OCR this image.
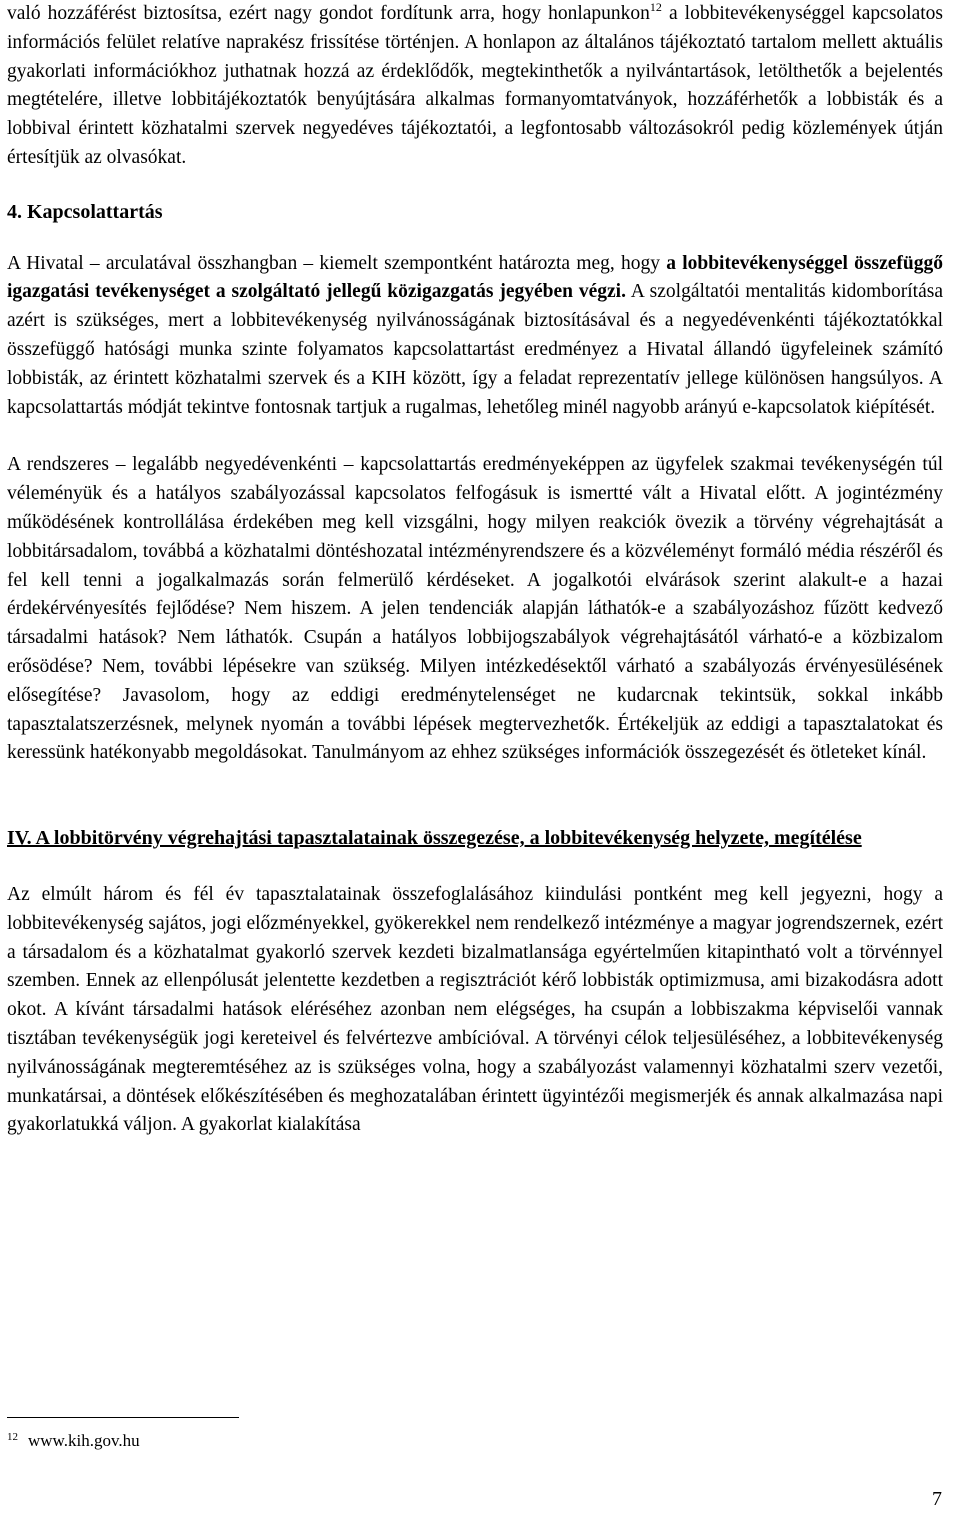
való hozzáférést biztosítsa, ezért nagy gondot fordítunk arra, hogy honlapunkon$^{12}$ a lobbitevékenységgel kapcsolatos információs felület relatíve naprakész frissítése történjen. A honlapon az általános tájékoztató tartalom mellett aktuális gyakorlati információkhoz juthatnak hozzá az érdeklődők, megtekinthetők a nyilvántartások, letölthetők a bejelentés megtételére, illetve lobbitájékoztatók benyújtására alkalmas formanyomtatványok, hozzáférhetők a lobbisták és a lobbival érintett közhatalmi szervek negyedéves tájékoztatói, a legfontosabb változásokról pedig közlemények útján értesítjük az olvasókat.

4. Kapcsolattartás

A Hivatal – arculatával összhangban – kiemelt szempontként határozta meg, hogy a lobbitevékenységgel összefüggő igazgatási tevékenységet a szolgáltató jellegű közigazgatás jegyében végzi. A szolgáltatói mentalitás kidomborítása azért is szükséges, mert a lobbitevékenység nyilvánosságának biztosításával és a negyedévenkénti tájékoztatókkal összefüggő hatósági munka szinte folyamatos kapcsolattartást eredményez a Hivatal állandó ügyfeleinek számító lobbisták, az érintett közhatalmi szervek és a KIH között, így a feladat reprezentatív jellege különösen hangsúlyos. A kapcsolattartás módját tekintve fontosnak tartjuk a rugalmas, lehetőleg minél nagyobb arányú e-kapcsolatok kiépítését.

A rendszeres – legalább negyedévenkénti – kapcsolattartás eredményeképpen az ügyfelek szakmai tevékenységén túl véleményük és a hatályos szabályozással kapcsolatos felfogásuk is ismertté vált a Hivatal előtt. A jogintézmény működésének kontrollálása érdekében meg kell vizsgálni, hogy milyen reakciók övezik a törvény végrehajtását a lobbitársadalom, továbbá a közhatalmi döntéshozatal intézményrendszere és a közvéleményt formáló média részéről és fel kell tenni a jogalkalmazás során felmerülő kérdéseket. A jogalkotói elvárások szerint alakult-e a hazai érdekérvényesítés fejlődése? Nem hiszem. A jelen tendenciák alapján láthatók-e a szabályozáshoz fűzött kedvező társadalmi hatások? Nem láthatók. Csupán a hatályos lobbijogszabályok végrehajtásától várható-e a közbizalom erősödése? Nem, további lépésekre van szükség. Milyen intézkedésektől várható a szabályozás érvényesülésének elősegítése? Javasolom, hogy az eddigi eredménytelenséget ne kudarcnak tekintsük, sokkal inkább tapasztalatszerzésnek, melynek nyomán a további lépések megtervezhetők. Értékeljük az eddigi a tapasztalatokat és keressünk hatékonyabb megoldásokat. Tanulmányom az ehhez szükséges információk összegezését és ötleteket kínál.

IV. A lobbitörvény végrehajtási tapasztalatainak összegezése, a lobbitevékenység helyzete, megítélése

Az elmúlt három és fél év tapasztalatainak összefoglalásához kiindulási pontként meg kell jegyezni, hogy a lobbitevékenység sajátos, jogi előzményekkel, gyökerekkel nem rendelkező intézménye a magyar jogrendszernek, ezért a társadalom és a közhatalmat gyakorló szervek kezdeti bizalmatlansága egyértelműen kitapintható volt a törvénnyel szemben. Ennek az ellenpólusát jelentette kezdetben a regisztrációt kérő lobbisták optimizmusa, ami bizakodásra adott okot. A kívánt társadalmi hatások eléréséhez azonban nem elégséges, ha csupán a lobbiszakma képviselői vannak tisztában tevékenységük jogi kereteivel és felvértezve ambícióval. A törvényi célok teljesüléséhez, a lobbitevékenység nyilvánosságának megteremtéséhez az is szükséges volna, hogy a szabályozást valamennyi közhatalmi szerv vezetői, munkatársai, a döntések előkészítésében és meghozatalában érintett ügyintézői megismerjék és annak alkalmazása napi gyakorlatukká váljon. A gyakorlat kialakítása

$^{12}$ www.kih.gov.hu
7
